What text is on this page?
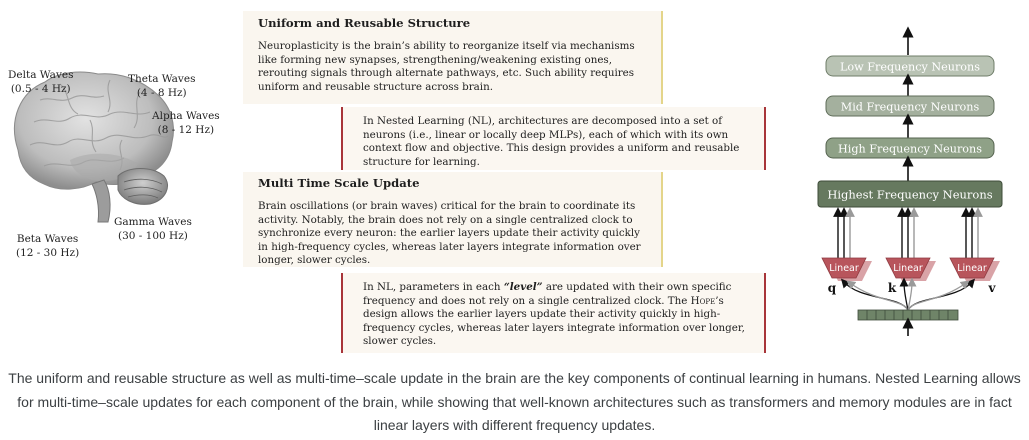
Delta Waves
(0.5 - 4 Hz)
Theta Waves
(4 - 8 Hz)
Alpha Waves
(8 - 12 Hz)
Gamma Waves
(30 - 100 Hz)
Beta Waves
(12 - 30 Hz)
Uniform and Reusable Structure

Neuroplasticity is the brain’s ability to reorganize itself via mechanisms like forming new synapses, strengthening/weakening existing ones, rerouting signals through alternate pathways, etc. Such ability requires uniform and reusable structure across brain.

In Nested Learning (NL), architectures are decomposed into a set of neurons (i.e., linear or locally deep MLPs), each of which with its own context flow and objective. This design provides a uniform and reusable structure for learning.

Multi Time Scale Update

Brain oscillations (or brain waves) critical for the brain to coordinate its activity. Notably, the brain does not rely on a single centralized clock to synchronize every neuron: the earlier layers update their activity quickly in high-frequency cycles, whereas later layers integrate information over longer, slower cycles.

In NL, parameters in each “level” are updated with their own specific frequency and does not rely on a single centralized clock. The Hope’s design allows the earlier layers update their activity quickly in high-frequency cycles, whereas later layers integrate information over longer, slower cycles.

Low Frequency Neurons
Mid Frequency Neurons
High Frequency Neurons
Highest Frequency Neurons
Linear
q
Linear
k
Linear
v
The uniform and reusable structure as well as multi-time–scale update in the brain are the key components of continual learning in humans. Nested Learning allows for multi-time–scale updates for each component of the brain, while showing that well-known architectures such as transformers and memory modules are in fact linear layers with different frequency updates.
